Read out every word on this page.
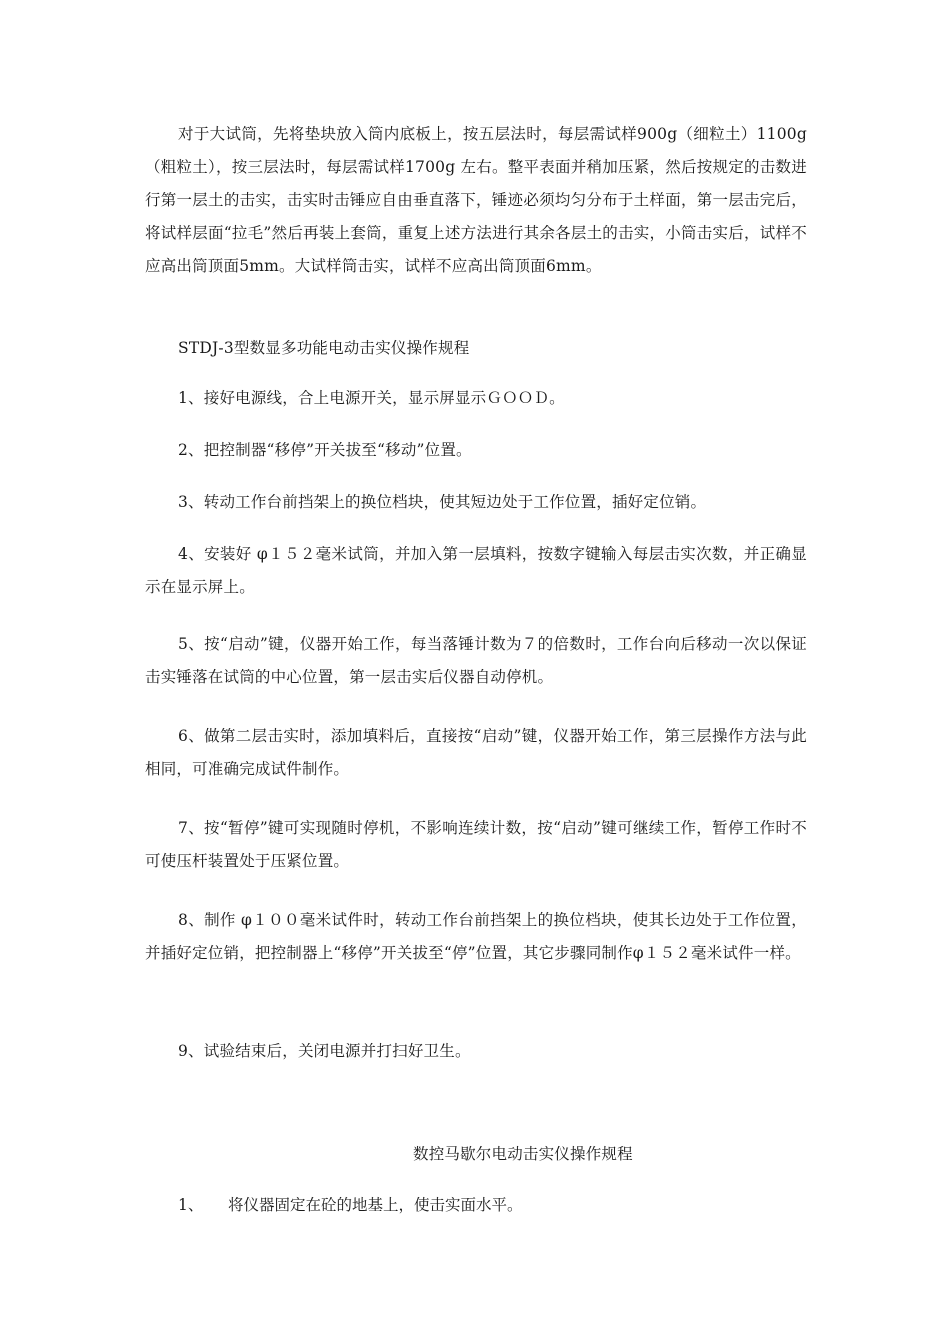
对于大试筒，先将垫块放入筒内底板上，按五层法时，每层需试样900g（细粒土）1100g（粗粒土），按三层法时，每层需试样1700g 左右。整平表面并稍加压紧，然后按规定的击数进行第一层土的击实，击实时击锤应自由垂直落下，锤迹必须均匀分布于土样面，第一层击完后，将试样层面“拉毛”然后再装上套筒，重复上述方法进行其余各层土的击实，小筒击实后，试样不应高出筒顶面5mm。大试样筒击实，试样不应高出筒顶面6mm。

STDJ-3型数显多功能电动击实仪操作规程

1、接好电源线，合上电源开关，显示屏显示ＧＯＯＤ。

2、把控制器“移停”开关拔至“移动”位置。

3、转动工作台前挡架上的换位档块，使其短边处于工作位置，插好定位销。

4、安装好 φ１５２毫米试筒，并加入第一层填料，按数字键输入每层击实次数，并正确显示在显示屏上。

5、按“启动”键，仪器开始工作，每当落锤计数为７的倍数时，工作台向后移动一次以保证击实锤落在试筒的中心位置，第一层击实后仪器自动停机。

6、做第二层击实时，添加填料后，直接按“启动”键，仪器开始工作，第三层操作方法与此相同，可准确完成试件制作。

7、按“暂停”键可实现随时停机，不影响连续计数，按“启动”键可继续工作，暂停工作时不可使压杆装置处于压紧位置。

8、制作 φ１００毫米试件时，转动工作台前挡架上的换位档块，使其长边处于工作位置，并插好定位销，把控制器上“移停”开关拔至“停”位置，其它步骤同制作φ１５２毫米试件一样。

9、试验结束后，关闭电源并打扫好卫生。

数控马歇尔电动击实仪操作规程

1、 将仪器固定在砼的地基上，使击实面水平。
